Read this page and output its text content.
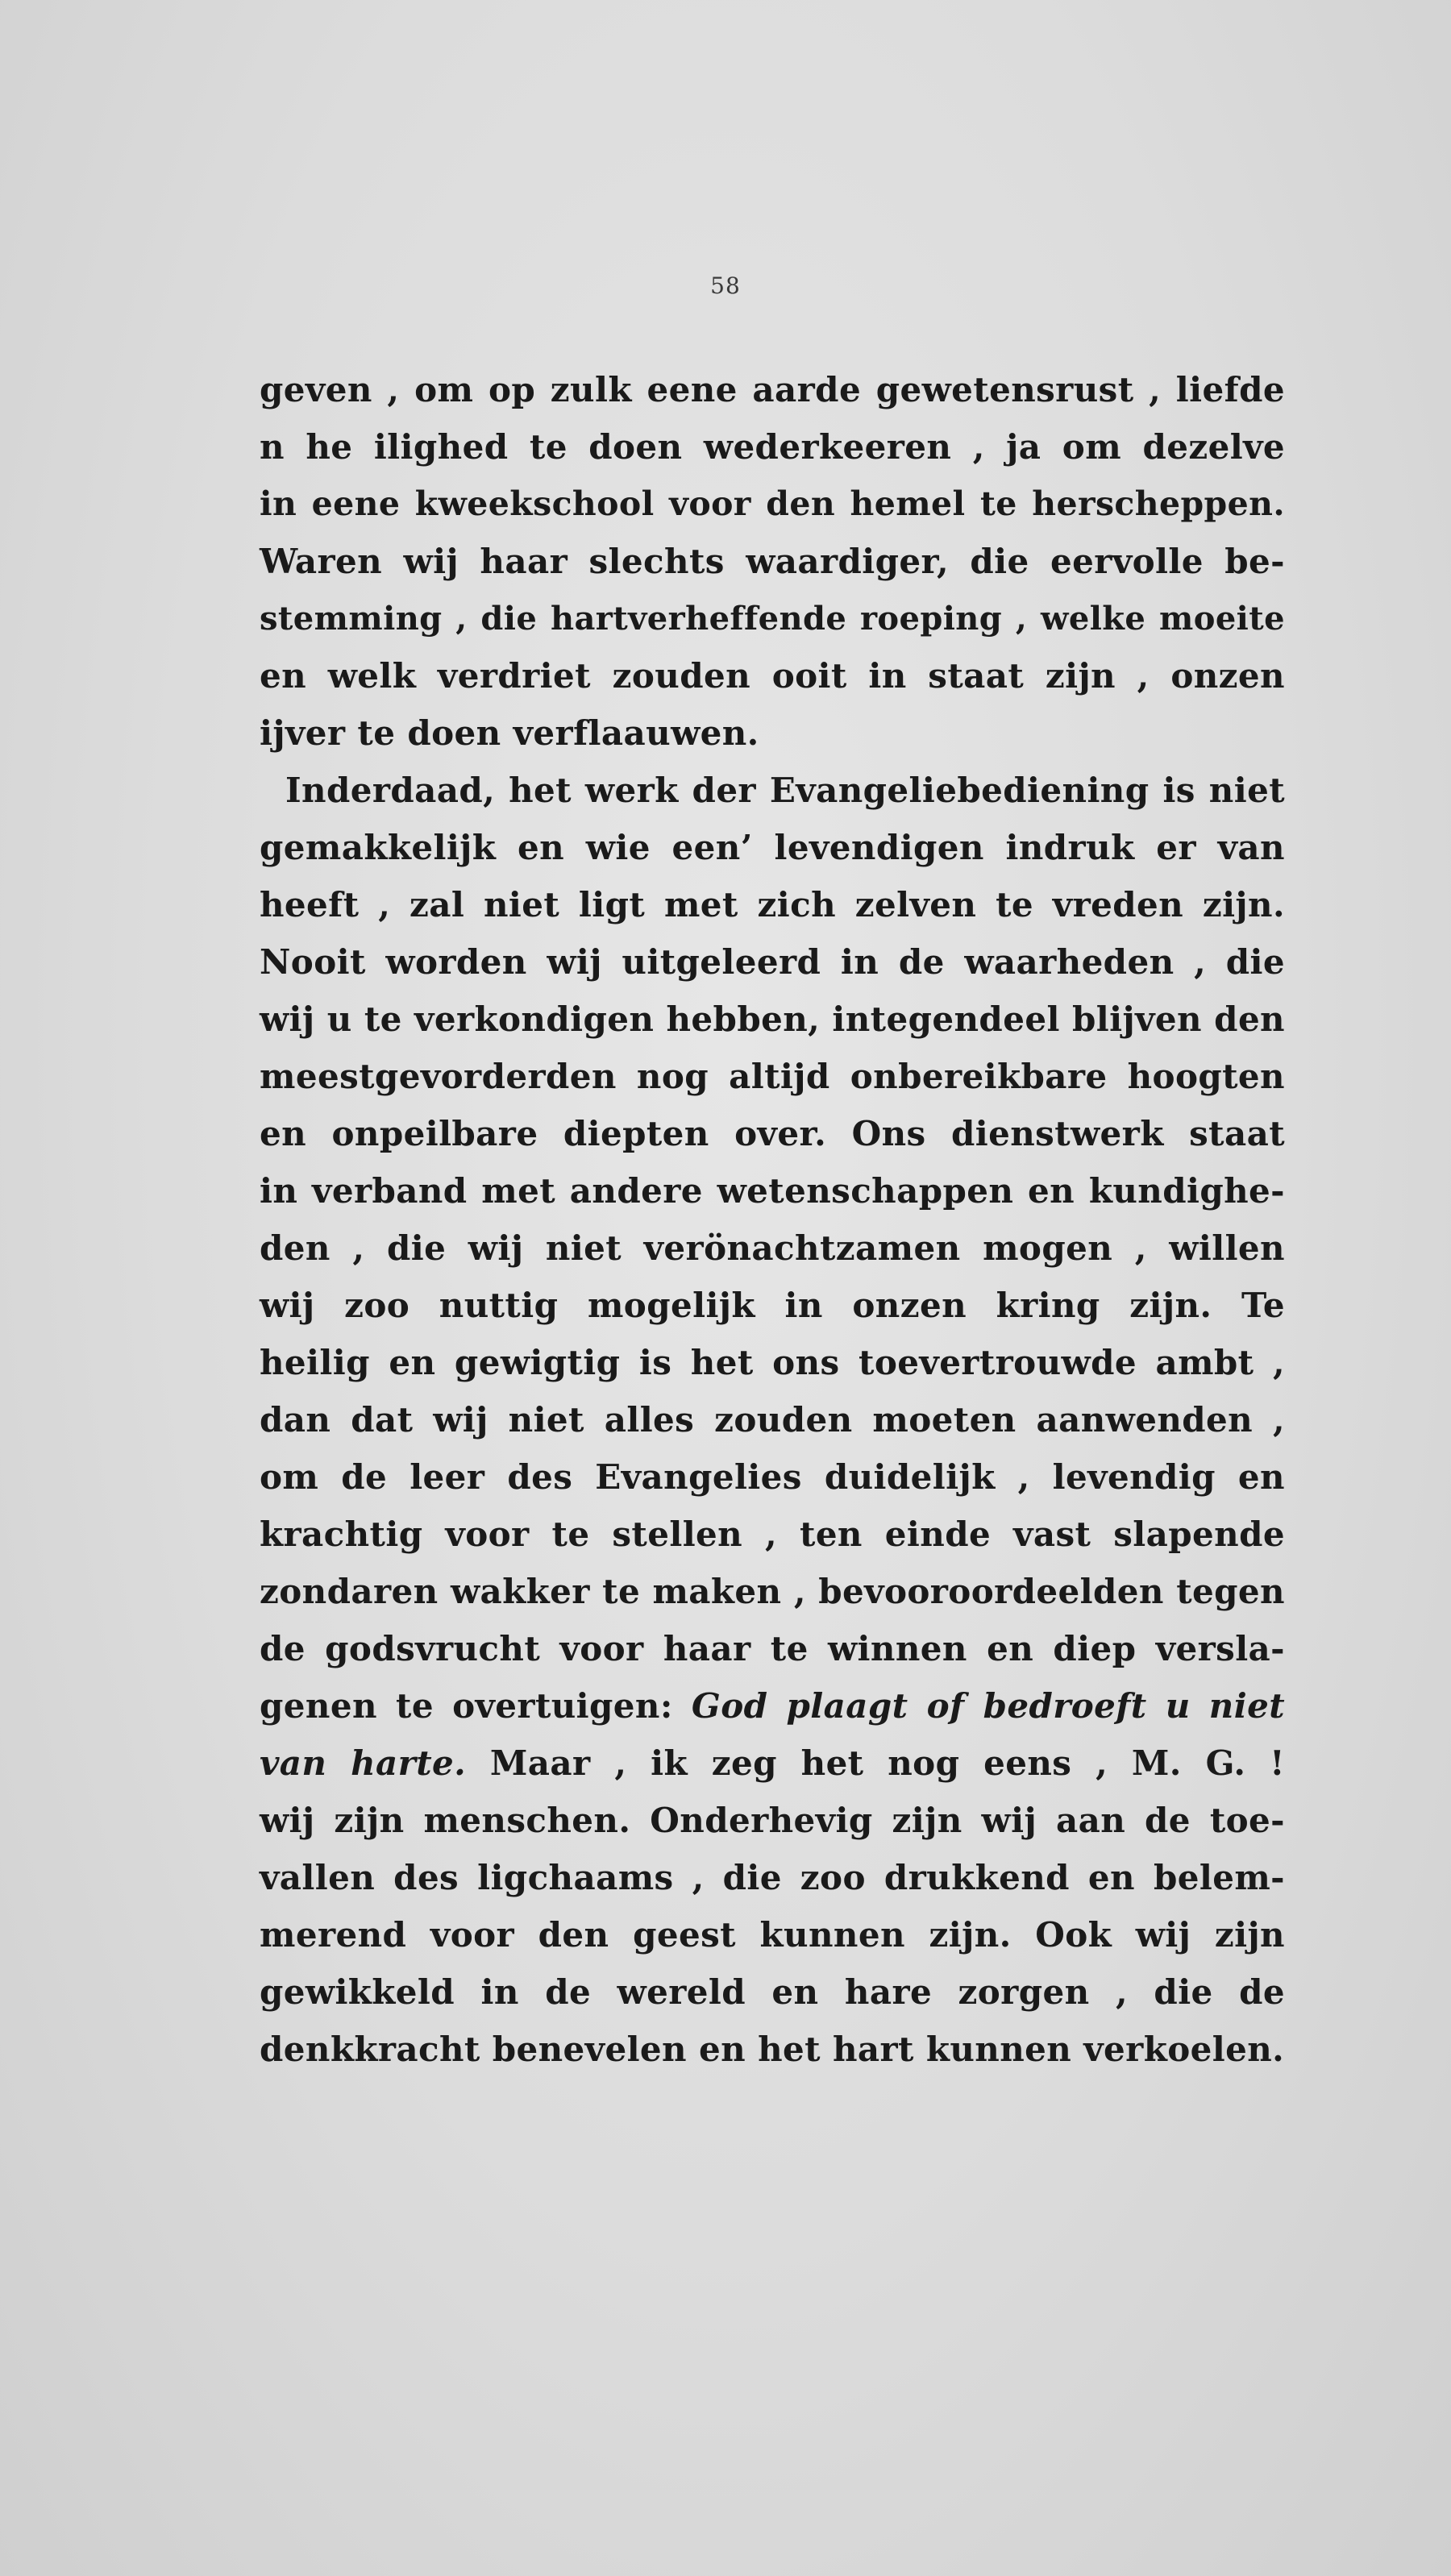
58
geven , om op zulk eene aarde gewetensrust , liefde
n he ilighed te doen wederkeeren , ja om dezelve
in eene kweekschool voor den hemel te herscheppen.
Waren wij haar slechts waardiger, die eervolle be-
stemming , die hartverheffende roeping , welke moeite
en welk verdriet zouden ooit in staat zijn , onzen
ijver te doen verflaauwen.
Inderdaad, het werk der Evangeliebediening is niet
gemakkelijk en wie een’ levendigen indruk er van
heeft , zal niet ligt met zich zelven te vreden zijn.
Nooit worden wij uitgeleerd in de waarheden , die
wij u te verkondigen hebben, integendeel blijven den
meestgevorderden nog altijd onbereikbare hoogten
en onpeilbare diepten over. Ons dienstwerk staat
in verband met andere wetenschappen en kundighe-
den , die wij niet verönachtzamen mogen , willen
wij zoo nuttig mogelijk in onzen kring zijn. Te
heilig en gewigtig is het ons toevertrouwde ambt ,
dan dat wij niet alles zouden moeten aanwenden ,
om de leer des Evangelies duidelijk , levendig en
krachtig voor te stellen , ten einde vast slapende
zondaren wakker te maken , bevooroordeelden tegen
de godsvrucht voor haar te winnen en diep versla-
genen te overtuigen: God plaagt of bedroeft u niet
van harte. Maar , ik zeg het nog eens , M. G. !
wij zijn menschen. Onderhevig zijn wij aan de toe-
vallen des ligchaams , die zoo drukkend en belem-
merend voor den geest kunnen zijn. Ook wij zijn
gewikkeld in de wereld en hare zorgen , die de
denkkracht benevelen en het hart kunnen verkoelen.
